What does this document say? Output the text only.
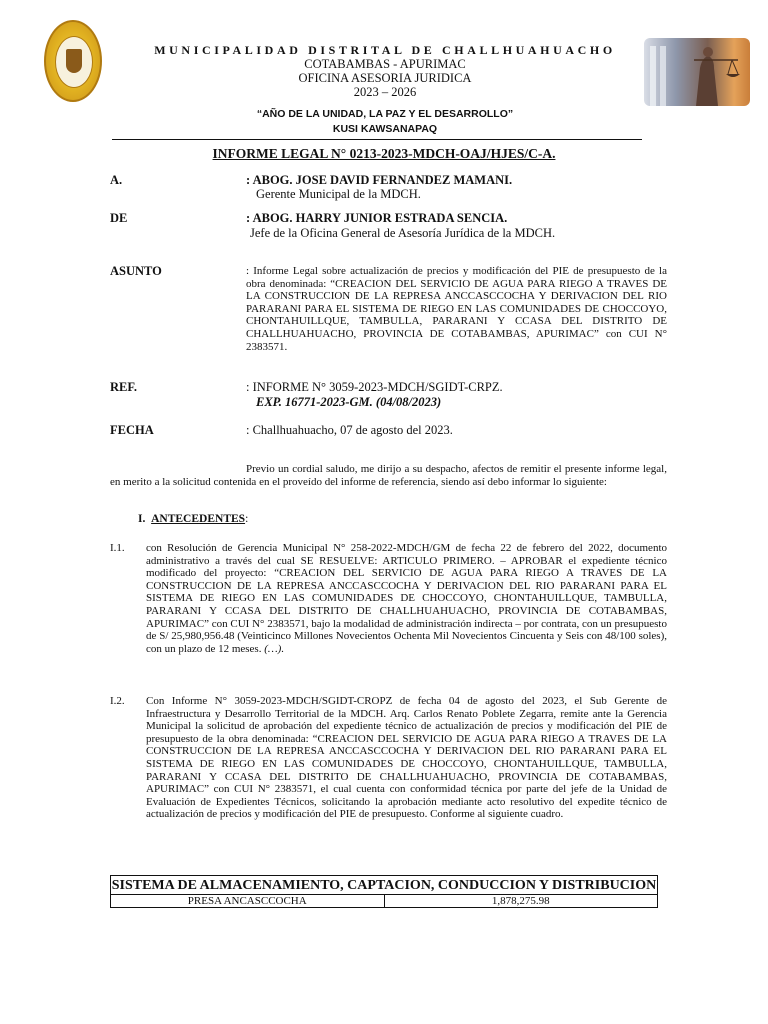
MUNICIPALIDAD DISTRITAL DE CHALLHUAHUACHO
COTABAMBAS - APURIMAC
OFICINA ASESORIA JURIDICA
2023 – 2026
“AÑO DE LA UNIDAD, LA PAZ Y EL DESARROLLO”
KUSI KAWSANAPAQ
INFORME LEGAL N° 0213-2023-MDCH-OAJ/HJES/C-A.
A.	: ABOG. JOSE DAVID FERNANDEZ MAMANI.
Gerente Municipal de la MDCH.
DE	: ABOG. HARRY JUNIOR ESTRADA SENCIA.
Jefe de la Oficina General de Asesoría Jurídica de la MDCH.
ASUNTO	: Informe Legal sobre actualización de precios y modificación del PIE de presupuesto de la obra denominada: “CREACION DEL SERVICIO DE AGUA PARA RIEGO A TRAVES DE LA CONSTRUCCION DE LA REPRESA ANCCASCCOCHA Y DERIVACION DEL RIO PARARANI PARA EL SISTEMA DE RIEGO EN LAS COMUNIDADES DE CHOCCOYO, CHONTAHUILLQUE, TAMBULLA, PARARANI Y CCASA DEL DISTRITO DE CHALLHUAHUACHO, PROVINCIA DE COTABAMBAS, APURIMAC” con CUI N° 2383571.
REF.	: INFORME N° 3059-2023-MDCH/SGIDT-CRPZ.
EXP. 16771-2023-GM. (04/08/2023)
FECHA	: Challhuahuacho, 07 de agosto del 2023.
Previo un cordial saludo, me dirijo a su despacho, afectos de remitir el presente informe legal, en merito a la solicitud contenida en el proveído del informe de referencia, siendo así debo informar lo siguiente:
I. ANTECEDENTES:
I.1. con Resolución de Gerencia Municipal N° 258-2022-MDCH/GM de fecha 22 de febrero del 2022, documento administrativo a través del cual SE RESUELVE: ARTICULO PRIMERO. – APROBAR el expediente técnico modificado del proyecto: “CREACION DEL SERVICIO DE AGUA PARA RIEGO A TRAVES DE LA CONSTRUCCION DE LA REPRESA ANCCASCCOCHA Y DERIVACION DEL RIO PARARANI PARA EL SISTEMA DE RIEGO EN LAS COMUNIDADES DE CHOCCOYO, CHONTAHUILLQUE, TAMBULLA, PARARANI Y CCASA DEL DISTRITO DE CHALLHUAHUACHO, PROVINCIA DE COTABAMBAS, APURIMAC” con CUI N° 2383571, bajo la modalidad de administración indirecta – por contrata, con un presupuesto de S/ 25,980,956.48 (Veinticinco Millones Novecientos Ochenta Mil Novecientos Cincuenta y Seis con 48/100 soles), con un plazo de 12 meses. (…).
I.2. Con Informe N° 3059-2023-MDCH/SGIDT-CROPZ de fecha 04 de agosto del 2023, el Sub Gerente de Infraestructura y Desarrollo Territorial de la MDCH. Arq. Carlos Renato Poblete Zegarra, remite ante la Gerencia Municipal la solicitud de aprobación del expediente técnico de actualización de precios y modificación del PIE de presupuesto de la obra denominada: “CREACION DEL SERVICIO DE AGUA PARA RIEGO A TRAVES DE LA CONSTRUCCION DE LA REPRESA ANCCASCCOCHA Y DERIVACION DEL RIO PARARANI PARA EL SISTEMA DE RIEGO EN LAS COMUNIDADES DE CHOCCOYO, CHONTAHUILLQUE, TAMBULLA, PARARANI Y CCASA DEL DISTRITO DE CHALLHUAHUACHO, PROVINCIA DE COTABAMBAS, APURIMAC” con CUI N° 2383571, el cual cuenta con conformidad técnica por parte del jefe de la Unidad de Evaluación de Expedientes Técnicos, solicitando la aprobación mediante acto resolutivo del expedite técnico de actualización de precios y modificación del PIE de presupuesto. Conforme al siguiente cuadro.
SISTEMA DE ALMACENAMIENTO, CAPTACION, CONDUCCION Y DISTRIBUCION
PRESA ANCASCCOCHA	1,878,275.98
